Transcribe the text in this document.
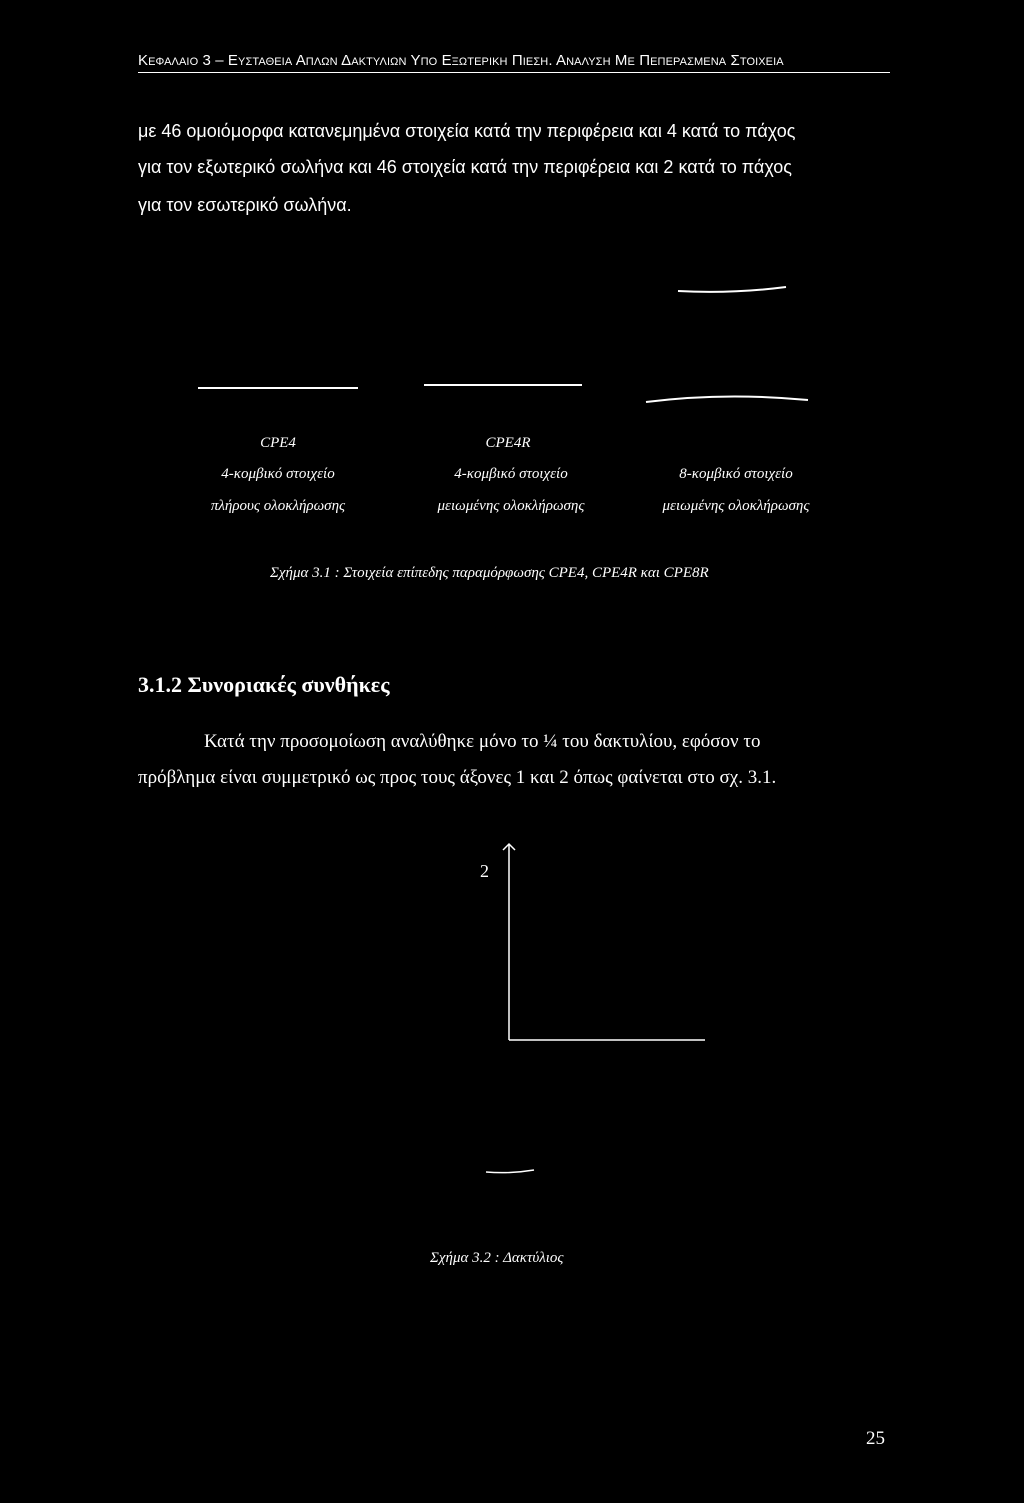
Κεφαλαιο 3 – Ευσταθεια Απλων Δακτυλιων Υπο Εξωτερικη Πιεση. Αναλυση Με Πεπερασμενα Στοιχεια
με 46 ομοιόμορφα κατανεμημένα στοιχεία κατά την περιφέρεια και 4 κατά το πάχος
για τον εξωτερικό σωλήνα και 46 στοιχεία κατά την περιφέρεια και 2 κατά το πάχος
για τον εσωτερικό σωλήνα.
CPE4	CPE4R
4-κομβικό στοιχείο	4-κομβικό στοιχείο	8-κομβικό στοιχείο
πλήρους ολοκλήρωσης	μειωμένης ολοκλήρωσης	μειωμένης ολοκλήρωσης
Σχήμα 3.1 : Στοιχεία επίπεδης παραμόρφωσης CPE4, CPE4R και CPE8R
3.1.2 Συνοριακές συνθήκες
Κατά την προσομοίωση αναλύθηκε μόνο το ¼ του δακτυλίου, εφόσον το
πρόβλημα είναι συμμετρικό ως προς τους άξονες 1 και 2 όπως φαίνεται στο σχ. 3.1.
2
Σχήμα 3.2 : Δακτύλιος
25
